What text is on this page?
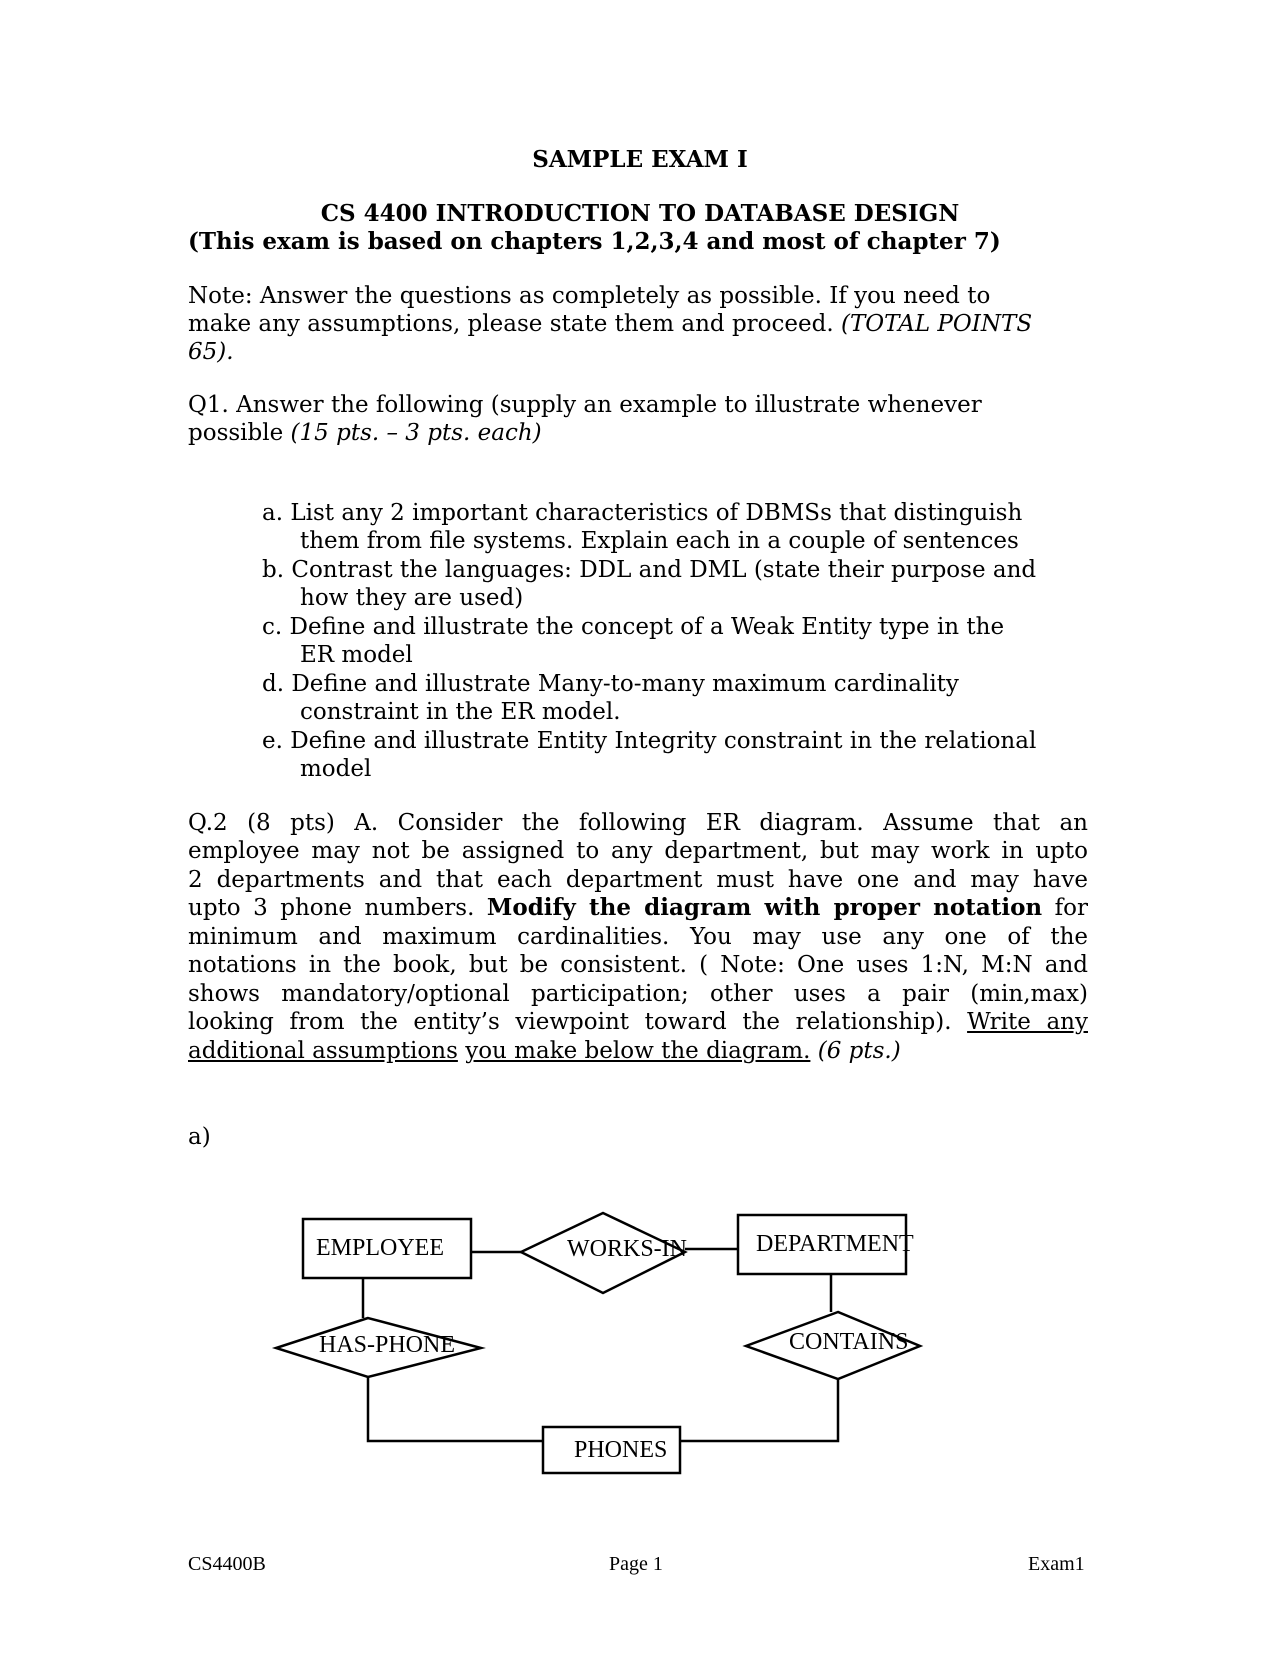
SAMPLE EXAM I
CS 4400 INTRODUCTION TO DATABASE DESIGN
(This exam is based on chapters 1,2,3,4 and most of chapter 7)
Note: Answer the questions as completely as possible. If you need to
make any assumptions, please state them and proceed. (TOTAL POINTS
65).
Q1. Answer the following (supply an example to illustrate whenever
possible (15 pts. – 3 pts. each)
a. List any 2 important characteristics of DBMSs that distinguish
them from file systems. Explain each in a couple of sentences
b. Contrast the languages: DDL and DML (state their purpose and
how they are used)
c. Define and illustrate the concept of a Weak Entity type in the
ER model
d. Define and illustrate Many-to-many maximum cardinality
constraint in the ER model.
e. Define and illustrate Entity Integrity constraint in the relational
model
Q.2 (8 pts) A. Consider the following ER diagram. Assume that an
employee may not be assigned to any department, but may work in upto
2 departments and that each department must have one and may have
upto 3 phone numbers. Modify the diagram with proper notation for
minimum and maximum cardinalities. You may use any one of the
notations in the book, but be consistent. ( Note: One uses 1:N, M:N and
shows mandatory/optional participation; other uses a pair (min,max)
looking from the entity’s viewpoint toward the relationship). Write any
additional assumptions you make below the diagram. (6 pts.)
a)
EMPLOYEE	WORKS-IN	DEPARTMENT
HAS-PHONE	CONTAINS
PHONES
CS4400B	Page 1	Exam1
